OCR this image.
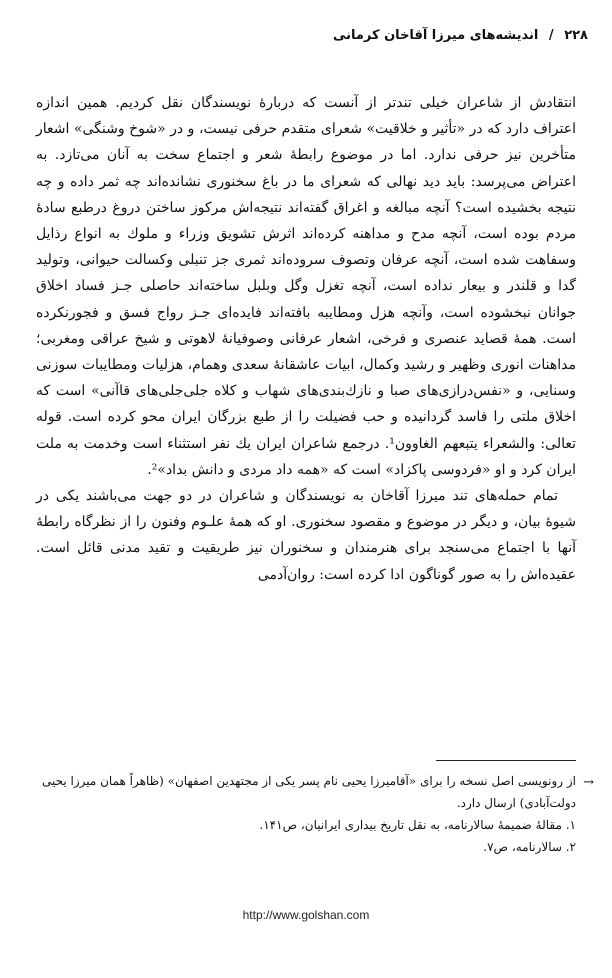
۲۲۸ / اندیشه‌های میرزا آقاخان کرمانی

انتقادش از شاعران خیلی تندتر از آنست که دربارهٔ نویسندگان نقل کردیم. همین اندازه اعتراف دارد که در «تأثیر و خلاقیت» شعرای متقدم حرفی نیست، و در «شوخ وشنگی» اشعار متأخرین نیز حرفی ندارد. اما در موضوع رابطهٔ شعر و اجتماع سخت به آنان می‌تازد. به اعتراض می‌پرسد: باید دید نهالی که شعرای ما در باغ سخنوری نشانده‌اند چه ثمر داده و چه نتیجه بخشیده است؟ آنچه مبالغه و اغراق گفته‌اند نتیجه‌اش مرکوز ساختن دروغ درطبع سادهٔ مردم بوده است، آنچه مدح و مداهنه کرده‌اند اثرش تشویق وزراء و ملوك به انواع رذایل وسفاهت شده است، آنچه عرفان وتصوف سروده‌اند ثمری جز تنبلی وکسالت حیوانی، وتولید گدا و قلندر و بیعار نداده است، آنچه تغزل وگل وبلبل ساخته‌اند حاصلی جـز فساد اخلاق جوانان نبخشوده است، وآنچه هزل ومطایبه بافته‌اند فایده‌ای جـز رواج فسق و فجورنکرده است. همهٔ قصاید عنصری و فرخی، اشعار عرفانی وصوفیانهٔ لاهوتی و شیخ عراقی ومغربی؛ مداهنات انوری وظهیر و رشید وکمال، ابیات عاشقانهٔ سعدی وهمام، هزلیات ومطایبات سوزنی وسنایی، و «نفس‌درازی‌های صبا و نازك‌بندی‌های شهاب و کلاه جلی‌جلی‌های قاآنی» است که اخلاق ملتی را فاسد گردانیده و حب فضیلت را از طبع بزرگان ایران محو کرده است. قوله تعالی: والشعراء یتبعهم الغاوون¹. درجمع شاعران ایران یك نفر استثناء است وخدمت به ملت ایران کرد و او «فردوسی پاکزاد» است که «همه داد مردی و دانش بداد»².

تمام حمله‌های تند میرزا آقاخان به نویسندگان و شاعران در دو جهت می‌باشند یکی در شیوهٔ بیان، و دیگر در موضوع و مقصود سخنوری. او که همهٔ علـوم وفنون را از نظرگاه رابطهٔ آنها با اجتماع می‌سنجد برای هنرمندان و سخنوران نیز طریقیت و تقید مدنی قائل است. عقیده‌اش را به صور گوناگون ادا کرده است: روان‌آدمی

→

از رونویسی اصل نسخه را برای «آقامیرزا یحیی نام پسر یکی از مجتهدین اصفهان» (ظاهراً همان میرزا یحیی دولت‌آبادی) ارسال دارد.

۱. مقالهٔ ضمیمهٔ سالارنامه، به نقل تاریخ بیداری ایرانیان، ص۱۴۱.

۲. سالارنامه، ص۷.

http://www.golshan.com
